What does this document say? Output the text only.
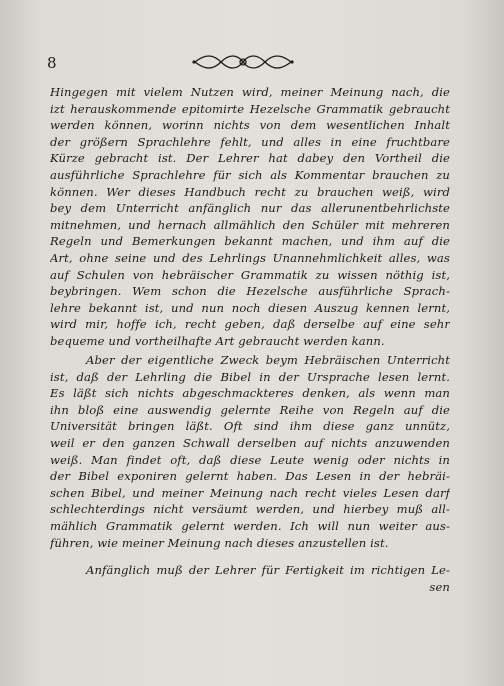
8
Hingegen mit vielem Nutzen wird, meiner Meinung nach, die
izt herauskommende epitomirte Hezelsche Grammatik gebraucht
werden können, worinn nichts von dem wesentlichen Inhalt
der größern Sprachlehre fehlt, und alles in eine fruchtbare
Kürze gebracht ist. Der Lehrer hat dabey den Vortheil die
ausführliche Sprachlehre für sich als Kommentar brauchen zu
können. Wer dieses Handbuch recht zu brauchen weiß, wird
bey dem Unterricht anfänglich nur das allerunentbehrlichste
mitnehmen, und hernach allmählich den Schüler mit mehreren
Regeln und Bemerkungen bekannt machen, und ihm auf die
Art, ohne seine und des Lehrlings Unannehmlichkeit alles, was
auf Schulen von hebräischer Grammatik zu wissen nöthig ist,
beybringen. Wem schon die Hezelsche ausführliche Sprach-
lehre bekannt ist, und nun noch diesen Auszug kennen lernt,
wird mir, hoffe ich, recht geben, daß derselbe auf eine sehr
bequeme und vortheilhafte Art gebraucht werden kann.
Aber der eigentliche Zweck beym Hebräischen Unterricht
ist, daß der Lehrling die Bibel in der Ursprache lesen lernt.
Es läßt sich nichts abgeschmackteres denken, als wenn man
ihn bloß eine auswendig gelernte Reihe von Regeln auf die
Universität bringen läßt. Oft sind ihm diese ganz unnütz,
weil er den ganzen Schwall derselben auf nichts anzuwenden
weiß. Man findet oft, daß diese Leute wenig oder nichts in
der Bibel exponiren gelernt haben. Das Lesen in der hebräi-
schen Bibel, und meiner Meinung nach recht vieles Lesen darf
schlechterdings nicht versäumt werden, und hierbey muß all-
mählich Grammatik gelernt werden. Ich will nun weiter aus-
führen, wie meiner Meinung nach dieses anzustellen ist.
Anfänglich muß der Lehrer für Fertigkeit im richtigen Le-
sen
